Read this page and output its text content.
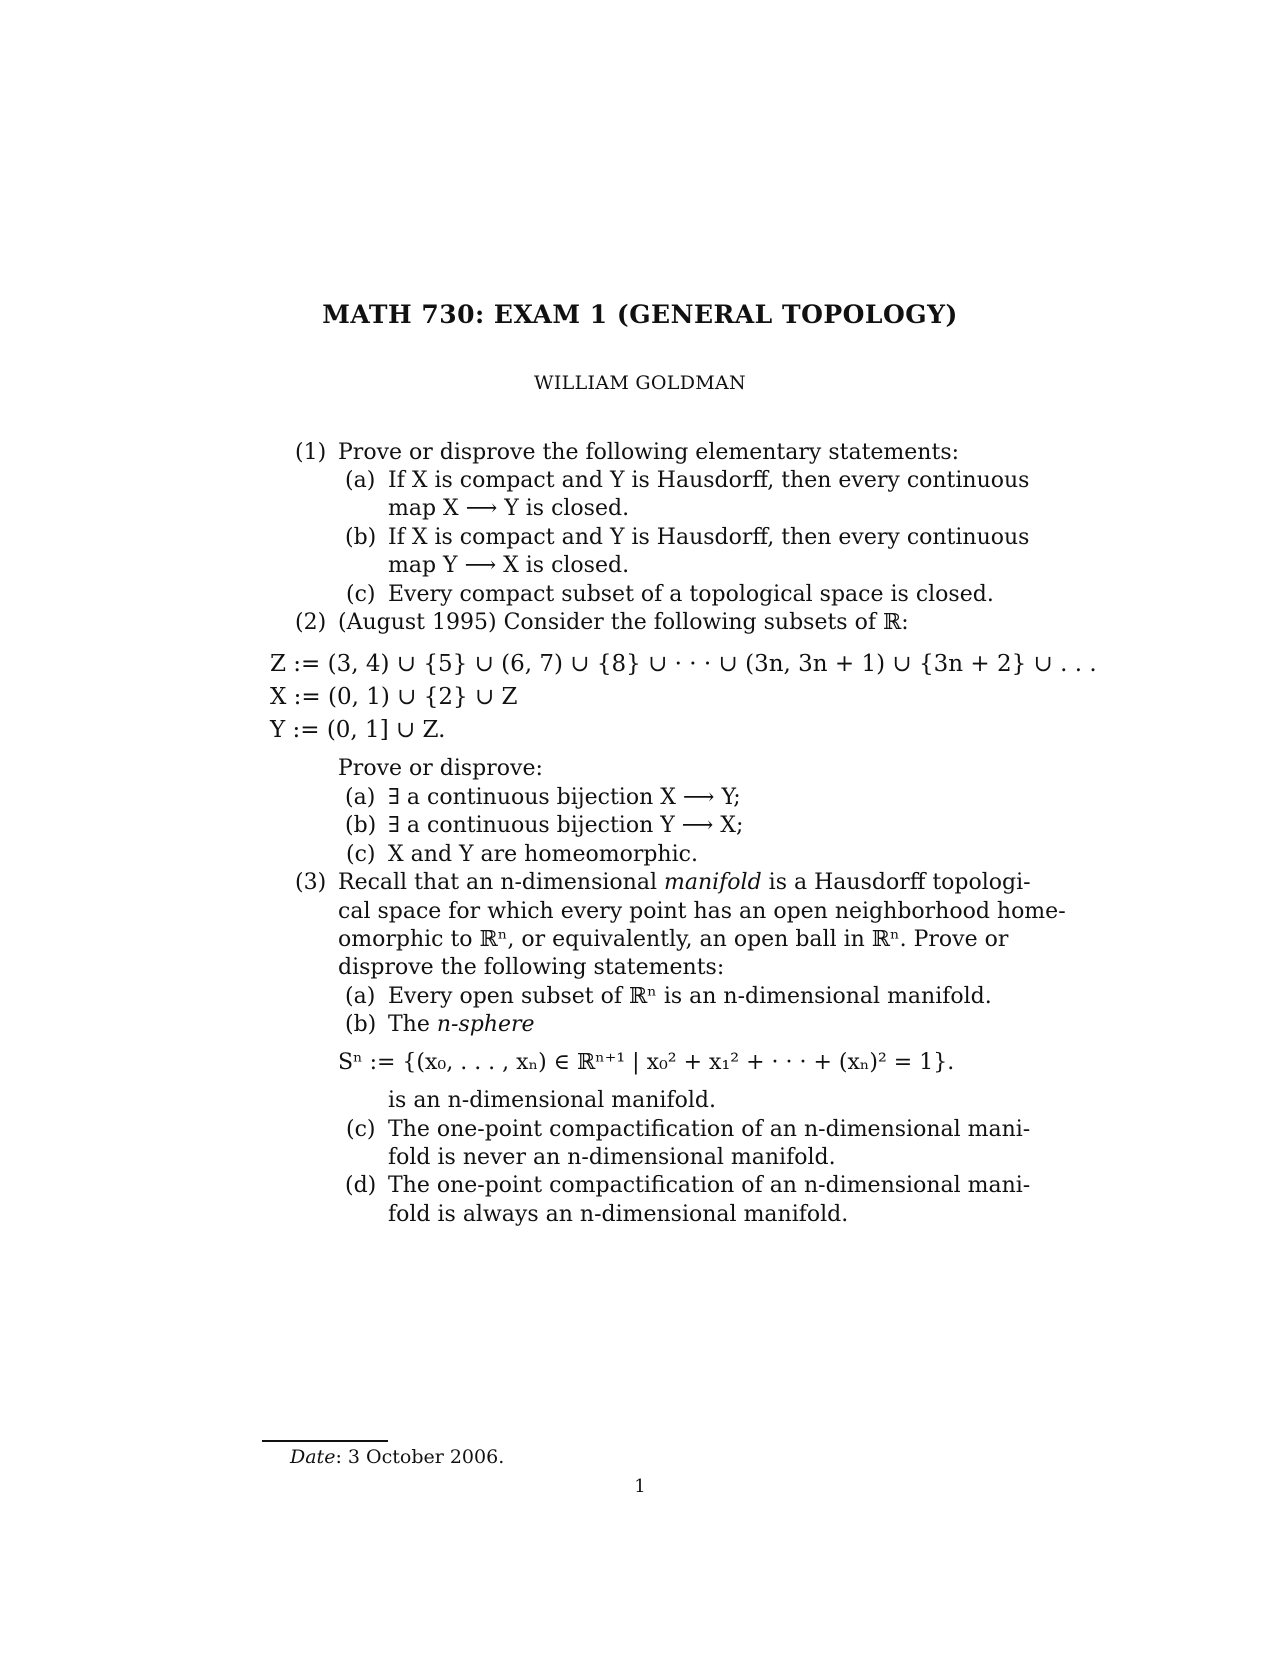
MATH 730: EXAM 1 (GENERAL TOPOLOGY)
WILLIAM GOLDMAN
(1) Prove or disprove the following elementary statements:
(a) If X is compact and Y is Hausdorff, then every continuous
map X ⟶ Y is closed.
(b) If X is compact and Y is Hausdorff, then every continuous
map Y ⟶ X is closed.
(c) Every compact subset of a topological space is closed.
(2) (August 1995) Consider the following subsets of ℝ:
Z := (3, 4) ∪ {5} ∪ (6, 7) ∪ {8} ∪ · · · ∪ (3n, 3n + 1) ∪ {3n + 2} ∪ . . .
X := (0, 1) ∪ {2} ∪ Z
Y := (0, 1] ∪ Z.
Prove or disprove:
(a) ∃ a continuous bijection X ⟶ Y;
(b) ∃ a continuous bijection Y ⟶ X;
(c) X and Y are homeomorphic.
(3) Recall that an n-dimensional manifold is a Hausdorff topologi-
cal space for which every point has an open neighborhood home-
omorphic to ℝⁿ, or equivalently, an open ball in ℝⁿ. Prove or
disprove the following statements:
(a) Every open subset of ℝⁿ is an n-dimensional manifold.
(b) The n-sphere
Sⁿ := {(x₀, . . . , xₙ) ∈ ℝⁿ⁺¹ | x₀² + x₁² + · · · + (xₙ)² = 1}.
is an n-dimensional manifold.
(c) The one-point compactification of an n-dimensional mani-
fold is never an n-dimensional manifold.
(d) The one-point compactification of an n-dimensional mani-
fold is always an n-dimensional manifold.
Date: 3 October 2006.
1
